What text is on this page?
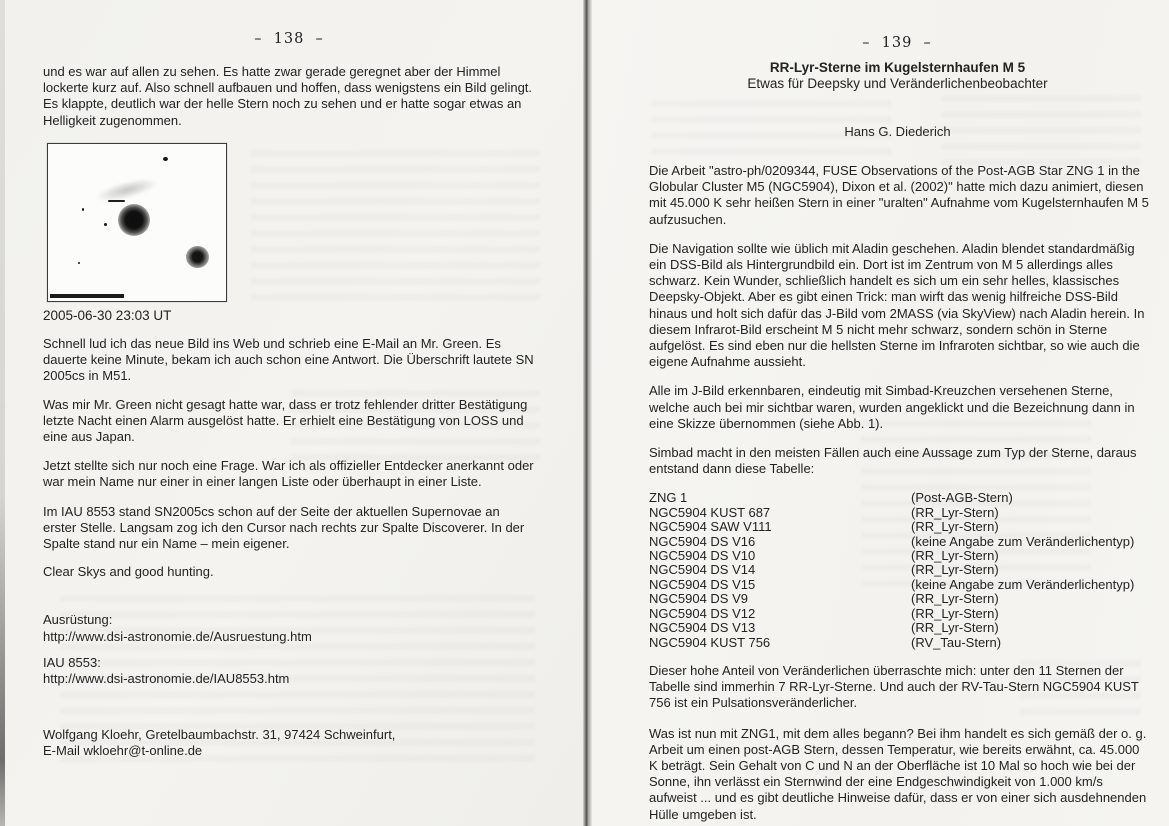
–  138  –

und es war auf allen zu sehen. Es hatte zwar gerade geregnet aber der Himmel lockerte kurz auf. Also schnell aufbauen und hoffen, dass wenigstens ein Bild gelingt. Es klappte, deutlich war der helle Stern noch zu sehen und er hatte sogar etwas an Helligkeit zugenommen.

2005-06-30 23:03 UT

Schnell lud ich das neue Bild ins Web und schrieb eine E-Mail an Mr. Green. Es dauerte keine Minute, bekam ich auch schon eine Antwort. Die Überschrift lautete SN 2005cs in M51.

Was mir Mr. Green nicht gesagt hatte war, dass er trotz fehlender dritter Bestätigung letzte Nacht einen Alarm ausgelöst hatte. Er erhielt eine Bestätigung von LOSS und eine aus Japan.

Jetzt stellte sich nur noch eine Frage. War ich als offizieller Entdecker anerkannt oder war mein Name nur einer in einer langen Liste oder überhaupt in einer Liste.

Im IAU 8553 stand SN2005cs schon auf der Seite der aktuellen Supernovae an erster Stelle. Langsam zog ich den Cursor nach rechts zur Spalte Discoverer. In der Spalte stand nur ein Name – mein eigener.

Clear Skys and good hunting.

Ausrüstung:

http://www.dsi-astronomie.de/Ausruestung.htm

IAU 8553:

http://www.dsi-astronomie.de/IAU8553.htm

Wolfgang Kloehr, Gretelbaumbachstr. 31, 97424 Schweinfurt,

E-Mail wkloehr@t-online.de

–  139  –

RR-Lyr-Sterne im Kugelsternhaufen M 5

Etwas für Deepsky und Veränderlichenbeobachter

Hans G. Diederich

Die Arbeit "astro-ph/0209344, FUSE Observations of the Post-AGB Star ZNG 1 in the Globular Cluster M5 (NGC5904), Dixon et al. (2002)" hatte mich dazu animiert, diesen mit 45.000 K sehr heißen Stern in einer "uralten" Aufnahme vom Kugelsternhaufen M 5 aufzusuchen.

Die Navigation sollte wie üblich mit Aladin geschehen. Aladin blendet standardmäßig ein DSS-Bild als Hintergrundbild ein. Dort ist im Zentrum von M 5 allerdings alles schwarz. Kein Wunder, schließlich handelt es sich um ein sehr helles, klassisches Deepsky-Objekt. Aber es gibt einen Trick: man wirft das wenig hilfreiche DSS-Bild hinaus und holt sich dafür das J-Bild vom 2MASS (via SkyView) nach Aladin herein. In diesem Infrarot-Bild erscheint M 5 nicht mehr schwarz, sondern schön in Sterne aufgelöst. Es sind eben nur die hellsten Sterne im Infraroten sichtbar, so wie auch die eigene Aufnahme aussieht.

Alle im J-Bild erkennbaren, eindeutig mit Simbad-Kreuzchen versehenen Sterne, welche auch bei mir sichtbar waren, wurden angeklickt und die Bezeichnung dann in eine Skizze übernommen (siehe Abb. 1).

Simbad macht in den meisten Fällen auch eine Aussage zum Typ der Sterne, daraus entstand dann diese Tabelle:

ZNG 1	(Post-AGB-Stern)
NGC5904 KUST 687	(RR_Lyr-Stern)
NGC5904 SAW V111	(RR_Lyr-Stern)
NGC5904 DS V16	(keine Angabe zum Veränderlichentyp)
NGC5904 DS V10	(RR_Lyr-Stern)
NGC5904 DS V14	(RR_Lyr-Stern)
NGC5904 DS V15	(keine Angabe zum Veränderlichentyp)
NGC5904 DS V9	(RR_Lyr-Stern)
NGC5904 DS V12	(RR_Lyr-Stern)
NGC5904 DS V13	(RR_Lyr-Stern)
NGC5904 KUST 756	(RV_Tau-Stern)

Dieser hohe Anteil von Veränderlichen überraschte mich: unter den 11 Sternen der Tabelle sind immerhin 7 RR-Lyr-Sterne. Und auch der RV-Tau-Stern NGC5904 KUST 756 ist ein Pulsationsveränderlicher.

Was ist nun mit ZNG1, mit dem alles begann? Bei ihm handelt es sich gemäß der o. g. Arbeit um einen post-AGB Stern, dessen Temperatur, wie bereits erwähnt, ca. 45.000 K beträgt. Sein Gehalt von C und N an der Oberfläche ist 10 Mal so hoch wie bei der Sonne, ihn verlässt ein Sternwind der eine Endgeschwindigkeit von 1.000 km/s aufweist ... und es gibt deutliche Hinweise dafür, dass er von einer sich ausdehnenden Hülle umgeben ist.
